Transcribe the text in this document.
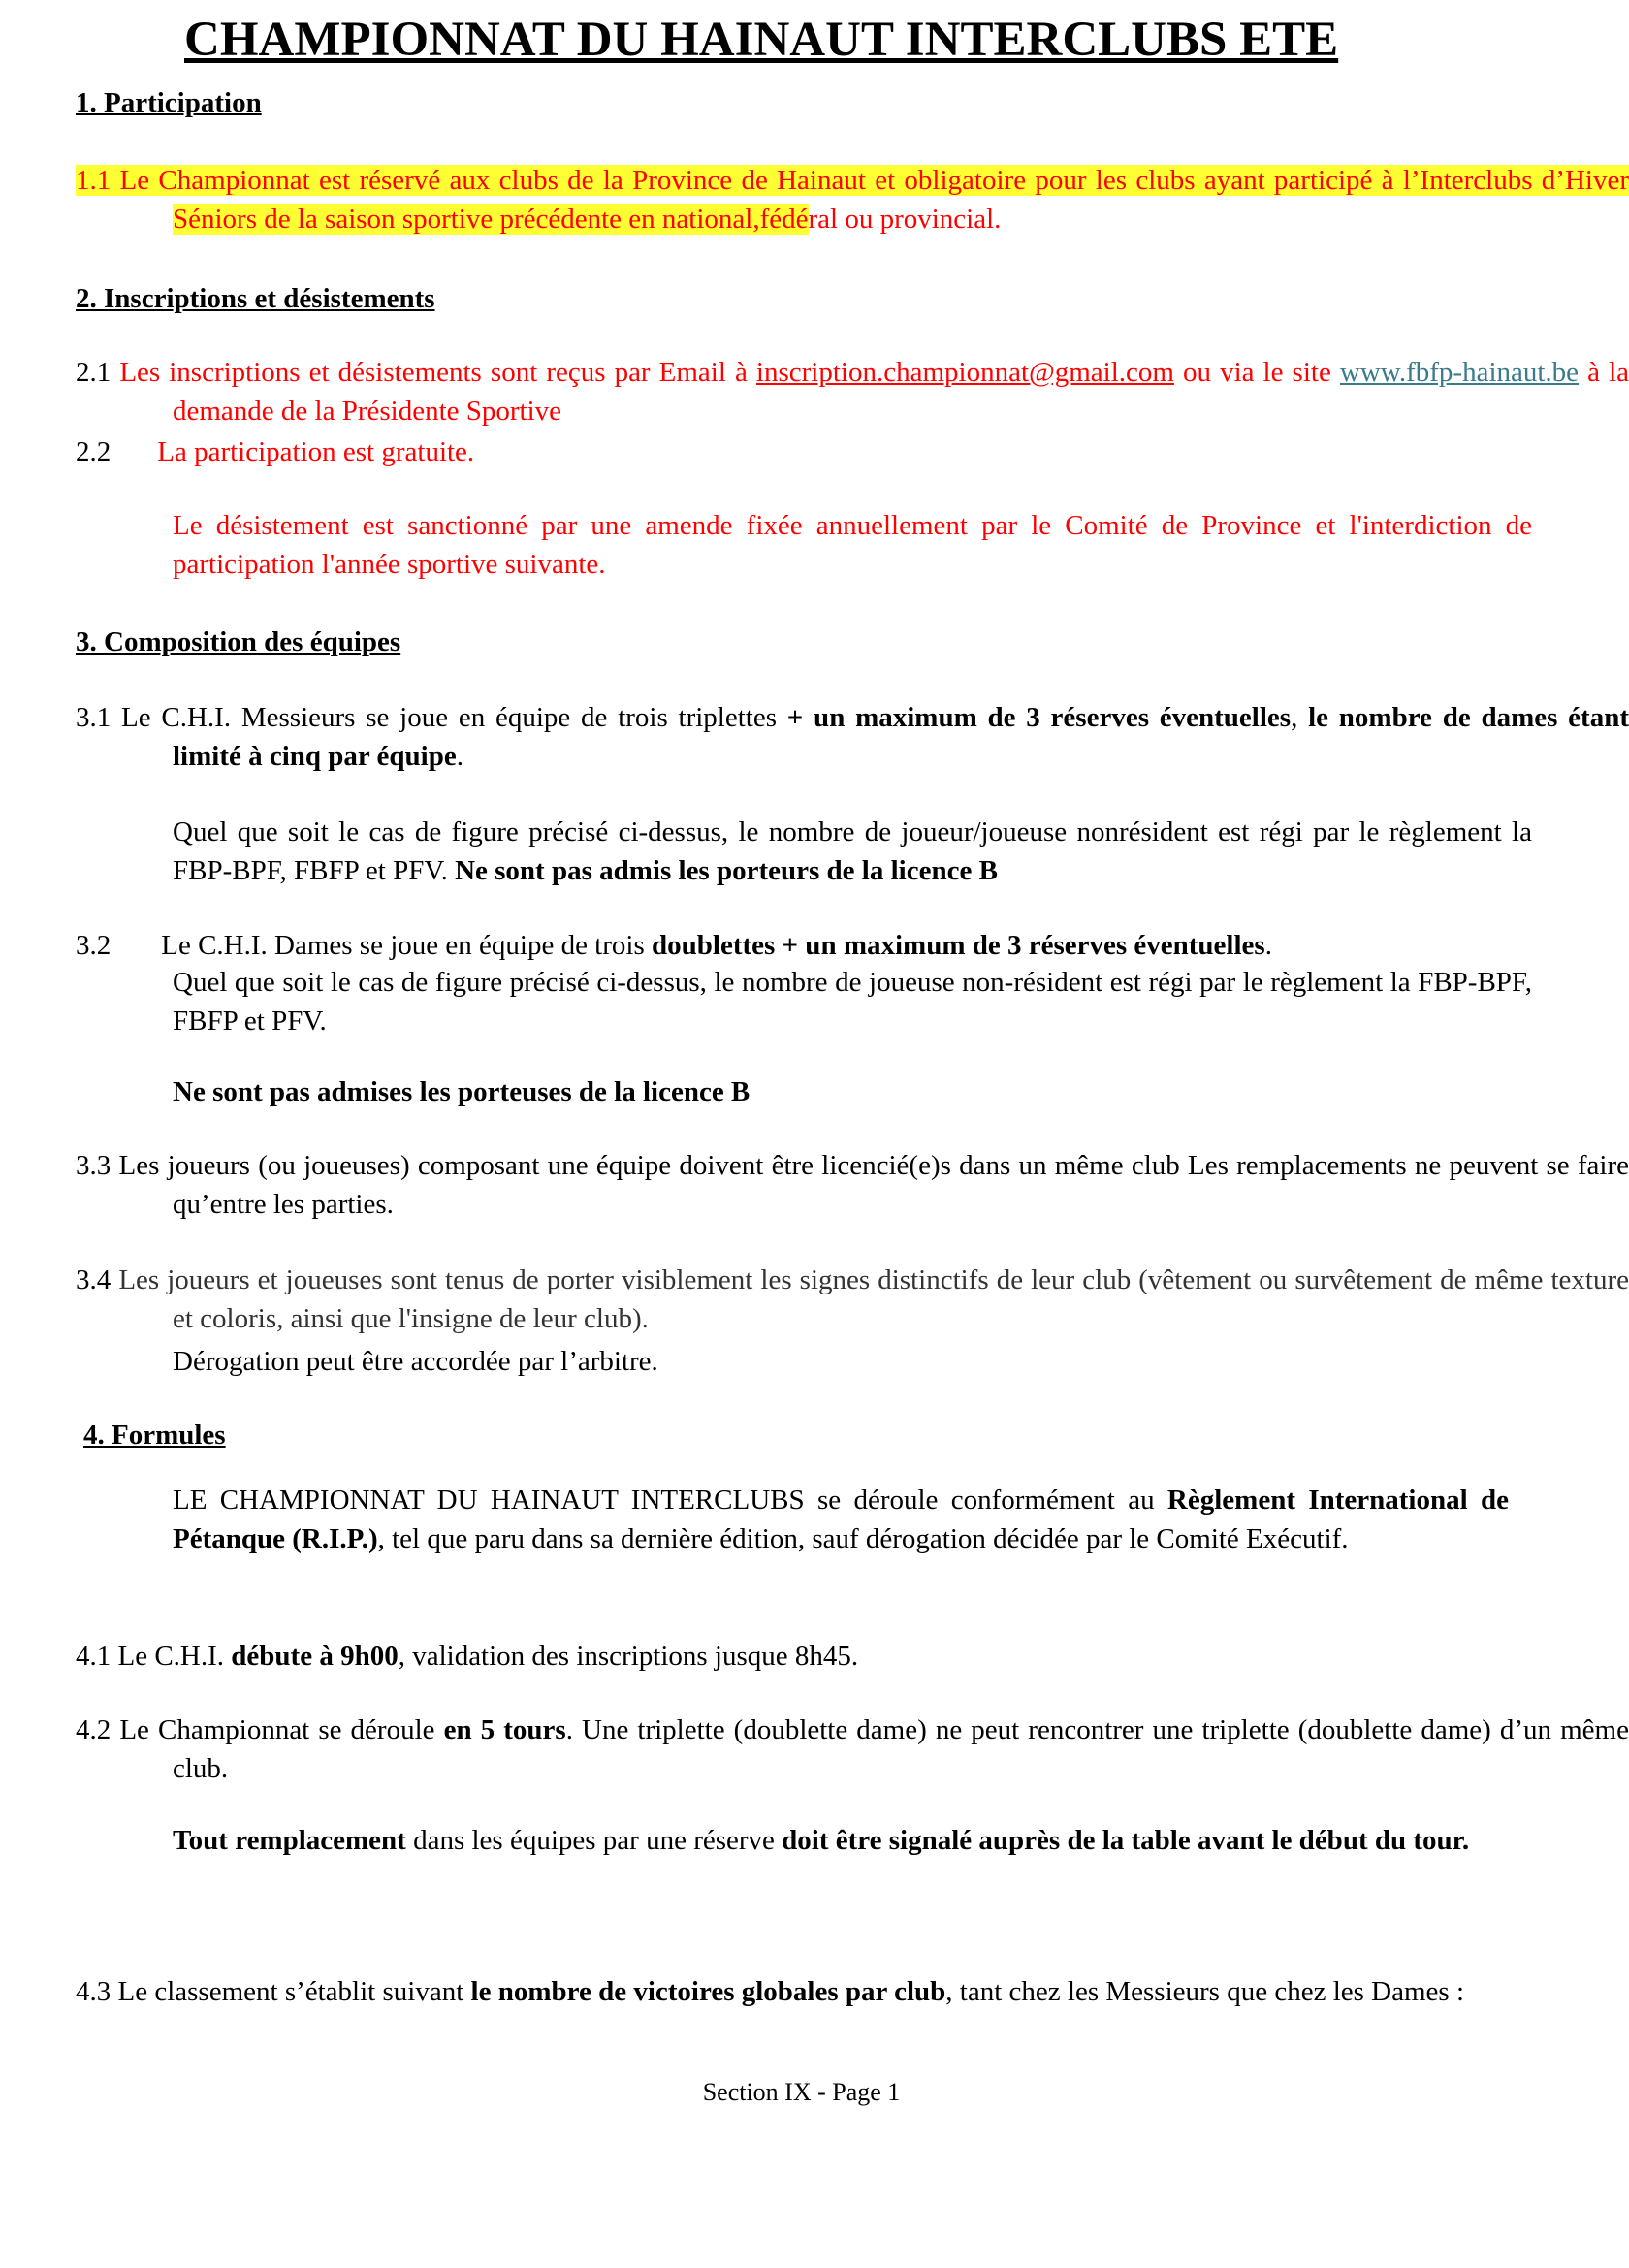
CHAMPIONNAT DU HAINAUT INTERCLUBS ETE
1. Participation
1.1 Le Championnat est réservé aux clubs de la Province de Hainaut et obligatoire pour les clubs ayant participé à l’Interclubs d’Hiver Séniors de la saison sportive précédente en national,fédéral ou provincial.
2. Inscriptions et désistements
2.1 Les inscriptions et désistements sont reçus par Email à inscription.championnat@gmail.com ou via le site www.fbfp-hainaut.be à la demande de la Présidente Sportive
2.2 La participation est gratuite.
Le désistement est sanctionné par une amende fixée annuellement par le Comité de Province et l'interdiction de participation l'année sportive suivante.
3. Composition des équipes
3.1 Le C.H.I. Messieurs se joue en équipe de trois triplettes + un maximum de 3 réserves éventuelles, le nombre de dames étant limité à cinq par équipe.
Quel que soit le cas de figure précisé ci-dessus, le nombre de joueur/joueuse nonrésident est régi par le règlement la FBP-BPF, FBFP et PFV. Ne sont pas admis les porteurs de la licence B
3.2 Le C.H.I. Dames se joue en équipe de trois doublettes + un maximum de 3 réserves éventuelles.
Quel que soit le cas de figure précisé ci-dessus, le nombre de joueuse non-résident est régi par le règlement la FBP-BPF, FBFP et PFV.
Ne sont pas admises les porteuses de la licence B
3.3 Les joueurs (ou joueuses) composant une équipe doivent être licencié(e)s dans un même club Les remplacements ne peuvent se faire qu’entre les parties.
3.4 Les joueurs et joueuses sont tenus de porter visiblement les signes distinctifs de leur club (vêtement ou survêtement de même texture et coloris, ainsi que l'insigne de leur club).
Dérogation peut être accordée par l’arbitre.
4. Formules
LE CHAMPIONNAT DU HAINAUT INTERCLUBS se déroule conformément au Règlement International de Pétanque (R.I.P.), tel que paru dans sa dernière édition, sauf dérogation décidée par le Comité Exécutif.
4.1 Le C.H.I. débute à 9h00, validation des inscriptions jusque 8h45.
4.2 Le Championnat se déroule en 5 tours. Une triplette (doublette dame) ne peut rencontrer une triplette (doublette dame) d’un même club.
Tout remplacement dans les équipes par une réserve doit être signalé auprès de la table avant le début du tour.
4.3 Le classement s’établit suivant le nombre de victoires globales par club, tant chez les Messieurs que chez les Dames :
Section IX - Page 1
